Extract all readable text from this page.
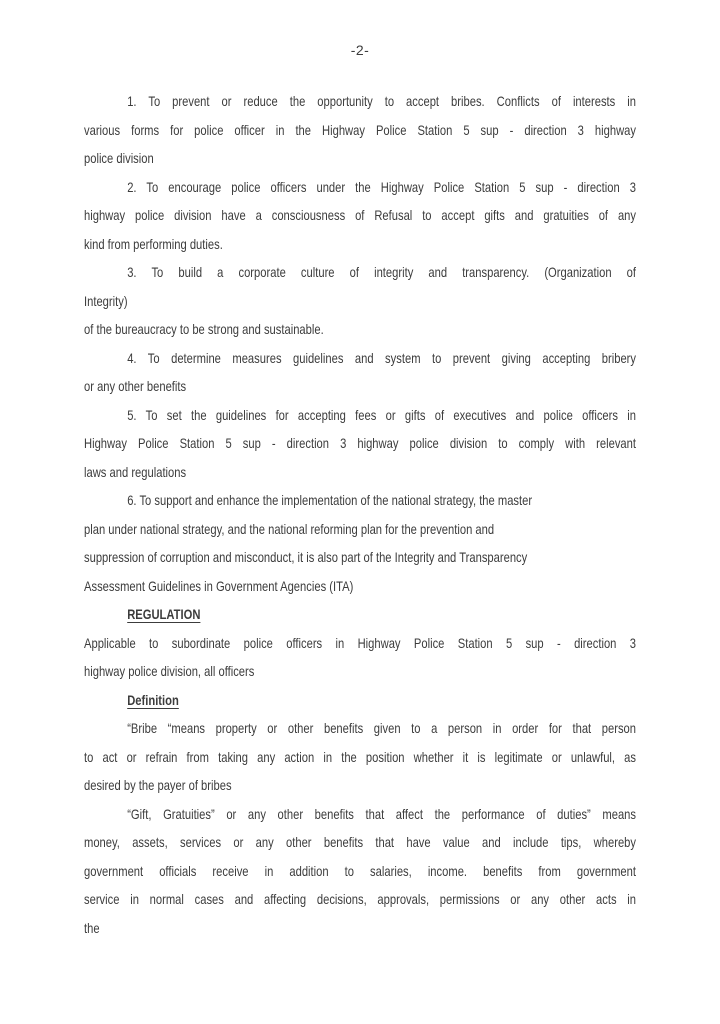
-2-
1. To prevent or reduce the opportunity to accept bribes. Conflicts of interests in
various forms for police officer in the Highway Police Station 5 sup - direction 3 highway
police division
2. To encourage police officers under the Highway Police Station 5 sup - direction 3
highway police division have a consciousness of Refusal to accept gifts and gratuities of any
kind from performing duties.
3. To build a corporate culture of integrity and transparency. (Organization of
Integrity)
of the bureaucracy to be strong and sustainable.
4. To determine measures guidelines and system to prevent giving accepting bribery
or any other benefits
5. To set the guidelines for accepting fees or gifts of executives and police officers in
Highway Police Station 5 sup - direction 3 highway police division to comply with relevant
laws and regulations
6. To support and enhance the implementation of the national strategy, the master
plan under national strategy, and the national reforming plan for the prevention and
suppression of corruption and misconduct, it is also part of the Integrity and Transparency
Assessment Guidelines in Government Agencies (ITA)
REGULATION
Applicable to subordinate police officers in Highway Police Station 5 sup - direction 3
highway police division, all officers
Definition
“Bribe “means property or other benefits given to a person in order for that person
to act or refrain from taking any action in the position whether it is legitimate or unlawful, as
desired by the payer of bribes
“Gift, Gratuities” or any other benefits that affect the performance of duties” means
money, assets, services or any other benefits that have value and include tips, whereby
government officials receive in addition to salaries, income. benefits from government
service in normal cases and affecting decisions, approvals, permissions or any other acts in
the
